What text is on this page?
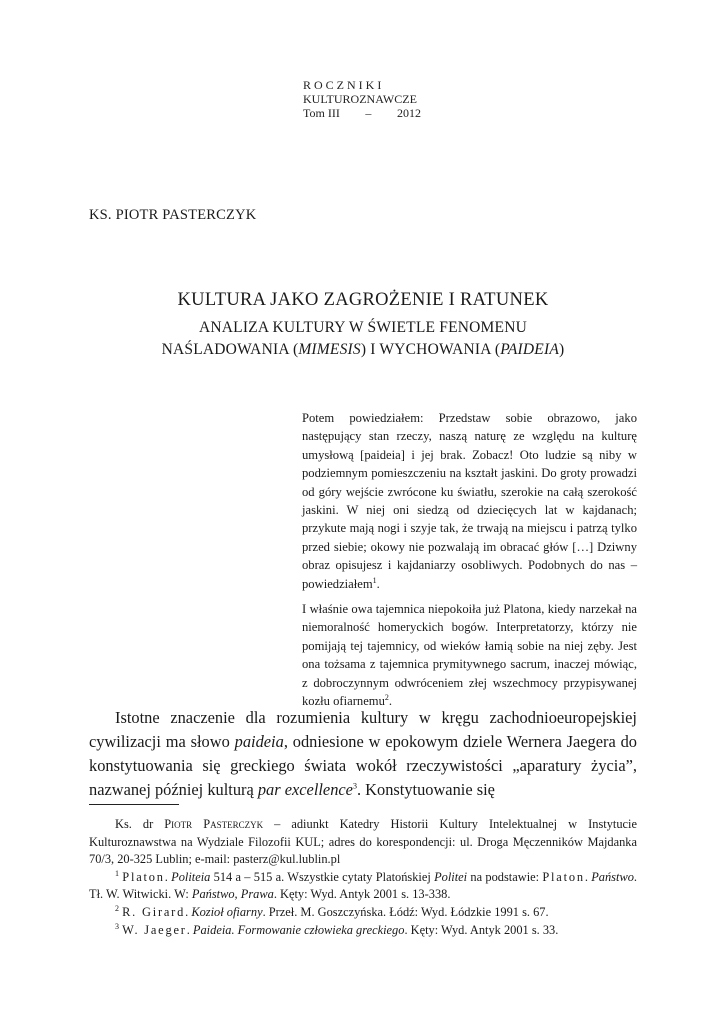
R O C Z N I K I
KULTUROZNAWCZE
Tom III – 2012
KS. PIOTR PASTERCZYK
KULTURA JAKO ZAGROŻENIE I RATUNEK
ANALIZA KULTURY W ŚWIETLE FENOMENU
NAŚLADOWANIA (MIMESIS) I WYCHOWANIA (PAIDEIA)

Potem powiedziałem: Przedstaw sobie obrazowo, jako następujący stan rzeczy, naszą naturę ze względu na kulturę umysłową [paideia] i jej brak. Zobacz! Oto ludzie są niby w podziemnym pomieszczeniu na kształt jaskini. Do groty prowadzi od góry wejście zwrócone ku światłu, szerokie na całą szerokość jaskini. W niej oni siedzą od dziecięcych lat w kajdanach; przykute mają nogi i szyje tak, że trwają na miejscu i patrzą tylko przed siebie; okowy nie pozwalają im obracać głów […] Dziwny obraz opisujesz i kajdaniarzy osobliwych. Podobnych do nas – powiedziałem$^1$.

I właśnie owa tajemnica niepokoiła już Platona, kiedy narzekał na niemoralność homeryckich bogów. Interpretatorzy, którzy nie pomijają tej tajemnicy, od wieków łamią sobie na niej zęby. Jest ona tożsama z tajemnica prymitywnego sacrum, inaczej mówiąc, z dobroczynnym odwróceniem złej wszechmocy przypisywanej kozłu ofiarnemu$^2$.

Istotne znaczenie dla rozumienia kultury w kręgu zachodnioeuropejskiej cywilizacji ma słowo paideia, odniesione w epokowym dziele Wernera Jaegera do konstytuowania się greckiego świata wokół rzeczywistości „aparatury życia”, nazwanej później kulturą par excellence$^3$. Konstytuowanie się

Ks. dr Piotr Pasterczyk – adiunkt Katedry Historii Kultury Intelektualnej w Instytucie Kulturoznawstwa na Wydziale Filozofii KUL; adres do korespondencji: ul. Droga Męczenników Majdanka 70/3, 20-325 Lublin; e-mail: pasterz@kul.lublin.pl

$^1$ Platon. Politeia 514 a – 515 a. Wszystkie cytaty Platońskiej Politei na podstawie: Platon. Państwo. Tł. W. Witwicki. W: Państwo, Prawa. Kęty: Wyd. Antyk 2001 s. 13-338.

$^2$ R. Girard. Kozioł ofiarny. Przeł. M. Goszczyńska. Łódź: Wyd. Łódzkie 1991 s. 67.

$^3$ W. Jaeger. Paideia. Formowanie człowieka greckiego. Kęty: Wyd. Antyk 2001 s. 33.
